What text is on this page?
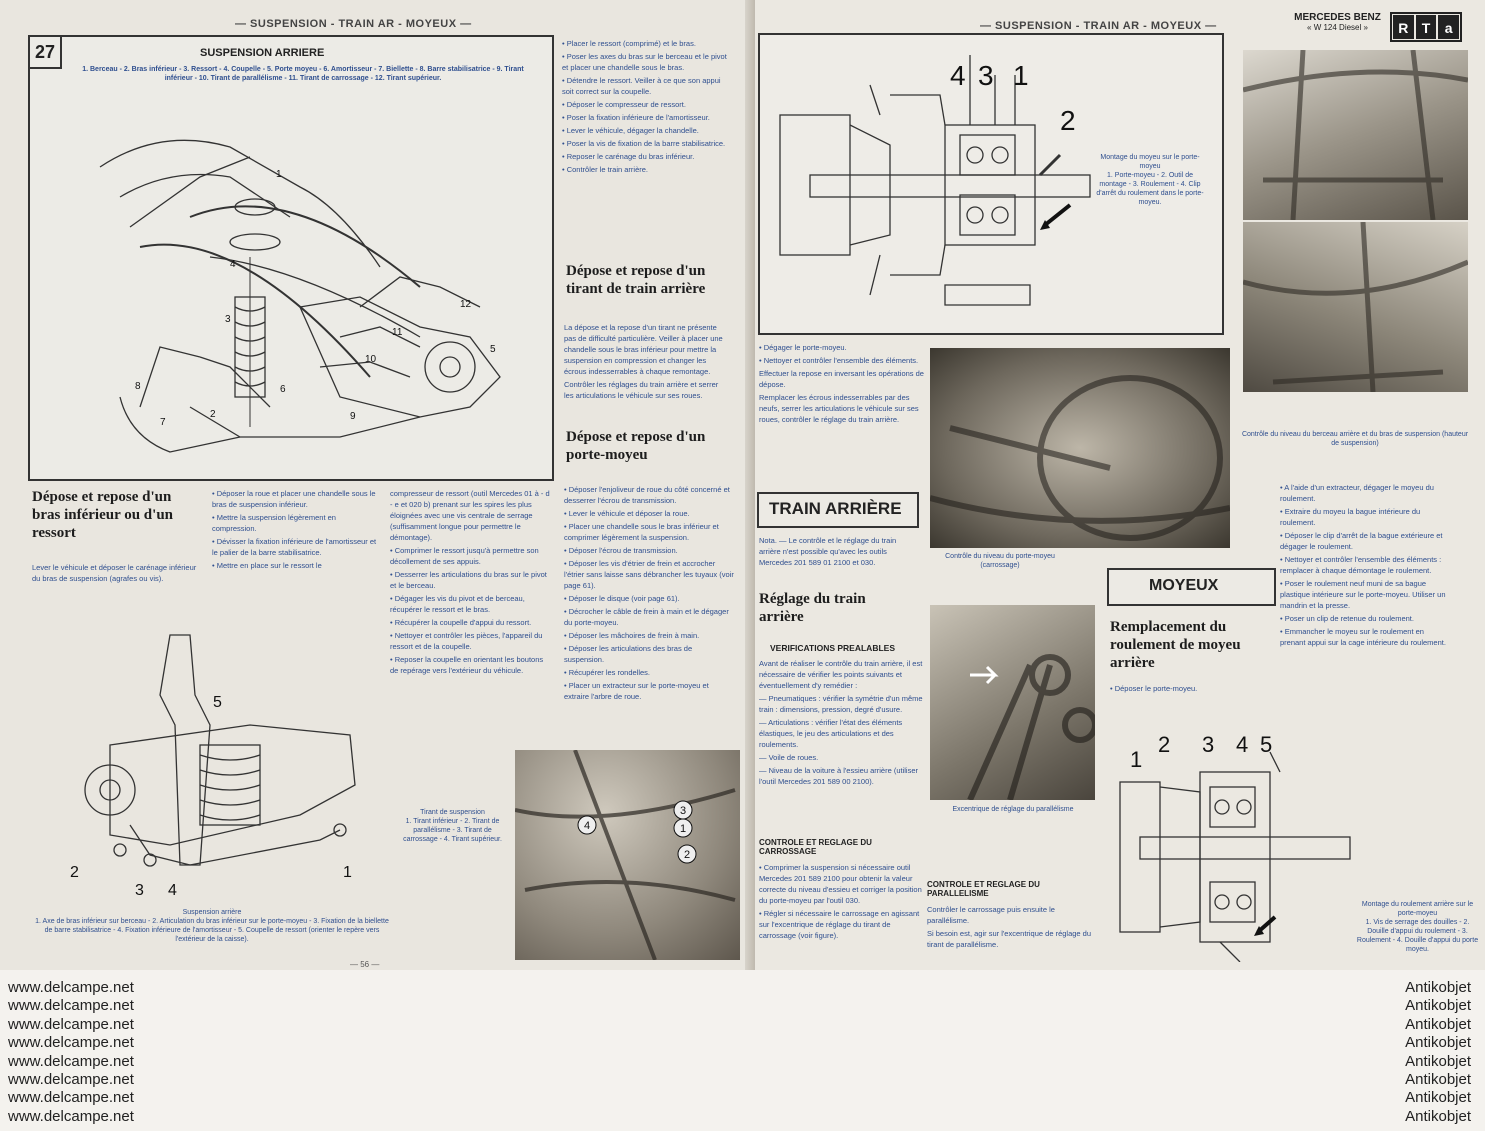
— SUSPENSION - TRAIN AR - MOYEUX —
27	SUSPENSION ARRIERE
1. Berceau - 2. Bras inférieur - 3. Ressort - 4. Coupelle - 5. Porte moyeu - 6. Amortisseur - 7. Biellette - 8. Barre stabilisatrice - 9. Tirant inférieur - 10. Tirant de parallélisme - 11. Tirant de carrossage - 12. Tirant supérieur.
1
2
3
4
5
6
7
8
9
10
11
12

• Placer le ressort (comprimé) et le bras.

• Poser les axes du bras sur le berceau et le pivot et placer une chandelle sous le bras.

• Détendre le ressort. Veiller à ce que son appui soit correct sur la coupelle.

• Déposer le compresseur de ressort.

• Poser la fixation inférieure de l'amortisseur.

• Lever le véhicule, dégager la chandelle.

• Poser la vis de fixation de la barre stabilisatrice.

• Reposer le carénage du bras inférieur.

• Contrôler le train arrière.

Dépose et repose d'un tirant de train arrière

La dépose et la repose d'un tirant ne présente pas de difficulté particulière. Veiller à placer une chandelle sous le bras inférieur pour mettre la suspension en compression et changer les écrous indesserrables à chaque remontage.

Contrôler les réglages du train arrière et serrer les articulations le véhicule sur ses roues.

Dépose et repose d'un porte-moyeu

• Déposer l'enjoliveur de roue du côté concerné et desserrer l'écrou de transmission.

• Lever le véhicule et déposer la roue.

• Placer une chandelle sous le bras inférieur et comprimer légèrement la suspension.

• Déposer l'écrou de transmission.

• Déposer les vis d'étrier de frein et accrocher l'étrier sans laisse sans débrancher les tuyaux (voir page 61).

• Déposer le disque (voir page 61).

• Décrocher le câble de frein à main et le dégager du porte-moyeu.

• Déposer les mâchoires de frein à main.

• Déposer les articulations des bras de suspension.

• Récupérer les rondelles.

• Placer un extracteur sur le porte-moyeu et extraire l'arbre de roue.

Dépose et repose d'un bras inférieur ou d'un ressort
Lever le véhicule et déposer le carénage inférieur du bras de suspension (agrafes ou vis).

• Déposer la roue et placer une chandelle sous le bras de suspension inférieur.

• Mettre la suspension légèrement en compression.

• Dévisser la fixation inférieure de l'amortisseur et le palier de la barre stabilisatrice.

• Mettre en place sur le ressort le

compresseur de ressort (outil Mercedes 01 à - d - e et 020 b) prenant sur les spires les plus éloignées avec une vis centrale de serrage (suffisamment longue pour permettre le démontage).

• Comprimer le ressort jusqu'à permettre son décollement de ses appuis.

• Desserrer les articulations du bras sur le pivot et le berceau.

• Dégager les vis du pivot et de berceau, récupérer le ressort et le bras.

• Récupérer la coupelle d'appui du ressort.

• Nettoyer et contrôler les pièces, l'appareil du ressort et de la coupelle.

• Reposer la coupelle en orientant les boutons de repérage vers l'extérieur du véhicule.

1
2
3 4
5
Suspension arrière
1. Axe de bras inférieur sur berceau - 2. Articulation du bras inférieur sur le porte-moyeu - 3. Fixation de la biellette de barre stabilisatrice - 4. Fixation inférieure de l'amortisseur - 5. Coupelle de ressort (orienter le repère vers l'extérieur de la caisse).
Tirant de suspension
1. Tirant inférieur - 2. Tirant de parallélisme - 3. Tirant de carrossage - 4. Tirant supérieur.
1
2
3
4
— 56 —
— SUSPENSION - TRAIN AR - MOYEUX —
MERCEDES BENZ
« W 124 Diesel »	R T	a
4 3 1
2
Montage du moyeu sur le porte-moyeu
1. Porte-moyeu - 2. Outil de montage - 3. Roulement - 4. Clip d'arrêt du roulement dans le porte-moyeu.
Contrôle du niveau du berceau arrière et du bras de suspension (hauteur de suspension)

• Dégager le porte-moyeu.

• Nettoyer et contrôler l'ensemble des éléments.

Effectuer la repose en inversant les opérations de dépose.

Remplacer les écrous indesserrables par des neufs, serrer les articulations le véhicule sur ses roues, contrôler le réglage du train arrière.

Contrôle du niveau du porte-moyeu (carrossage)
TRAIN ARRIÈRE
Nota. — Le contrôle et le réglage du train arrière n'est possible qu'avec les outils Mercedes 201 589 01 2100 et 030.
Réglage du train arrière
VERIFICATIONS PREALABLES

Avant de réaliser le contrôle du train arrière, il est nécessaire de vérifier les points suivants et éventuellement d'y remédier :

— Pneumatiques : vérifier la symétrie d'un même train : dimensions, pression, degré d'usure.

— Articulations : vérifier l'état des éléments élastiques, le jeu des articulations et des roulements.

— Voile de roues.

— Niveau de la voiture à l'essieu arrière (utiliser l'outil Mercedes 201 589 00 2100).

CONTROLE ET REGLAGE DU CARROSSAGE

• Comprimer la suspension si nécessaire outil Mercedes 201 589 2100 pour obtenir la valeur correcte du niveau d'essieu et corriger la position du porte-moyeu par l'outil 030.

• Régler si nécessaire le carrossage en agissant sur l'excentrique de réglage du tirant de carrossage (voir figure).

Excentrique de réglage du parallélisme
CONTROLE ET REGLAGE DU PARALLELISME

Contrôler le carrossage puis ensuite le parallélisme.

Si besoin est, agir sur l'excentrique de réglage du tirant de parallélisme.

MOYEUX
Remplacement du roulement de moyeu arrière

• Déposer le porte-moyeu.

• A l'aide d'un extracteur, dégager le moyeu du roulement.

• Extraire du moyeu la bague intérieure du roulement.

• Déposer le clip d'arrêt de la bague extérieure et dégager le roulement.

• Nettoyer et contrôler l'ensemble des éléments : remplacer à chaque démontage le roulement.

• Poser le roulement neuf muni de sa bague plastique intérieure sur le porte-moyeu. Utiliser un mandrin et la presse.

• Poser un clip de retenue du roulement.

• Emmancher le moyeu sur le roulement en prenant appui sur la cage intérieure du roulement.

1
2 3 4 5
Montage du roulement arrière sur le porte-moyeu
1. Vis de serrage des douilles - 2. Douille d'appui du roulement - 3. Roulement - 4. Douille d'appui du porte moyeu.
www.delcampe.net
www.delcampe.net
www.delcampe.net
www.delcampe.net
www.delcampe.net
www.delcampe.net
www.delcampe.net
www.delcampe.net
Antikobjet
Antikobjet
Antikobjet
Antikobjet
Antikobjet
Antikobjet
Antikobjet
Antikobjet
